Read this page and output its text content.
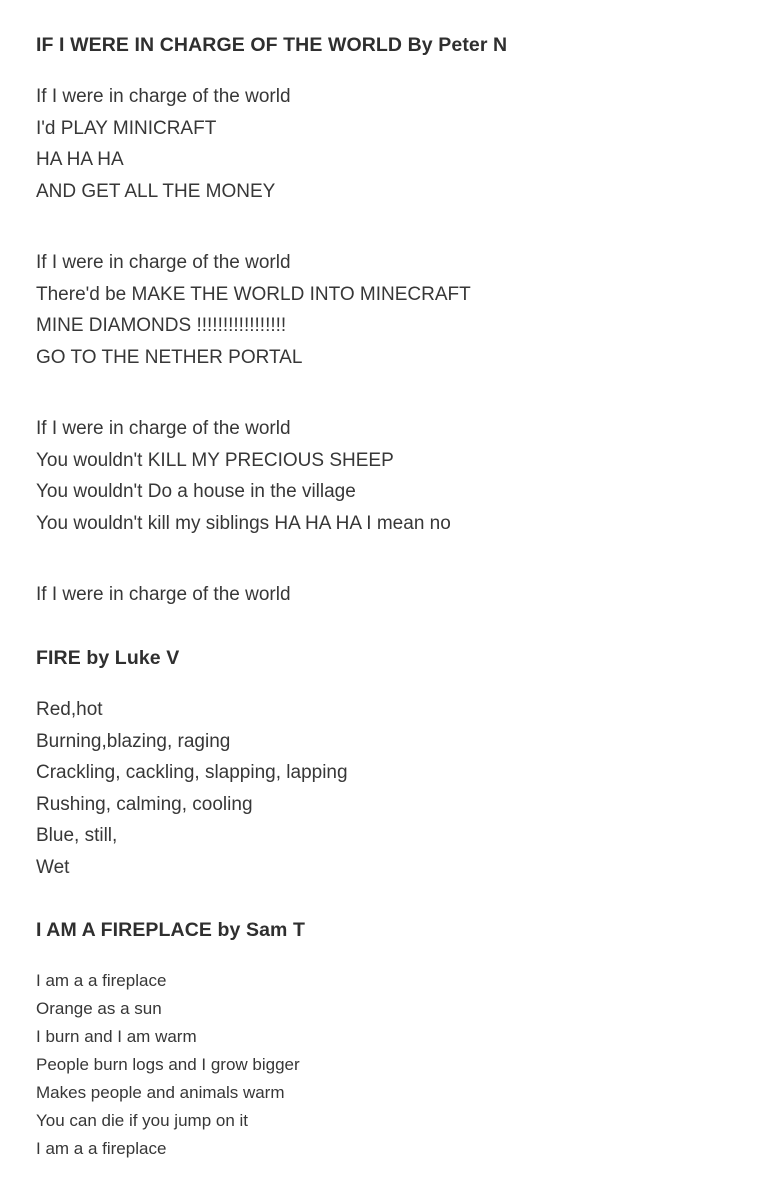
IF I WERE IN CHARGE OF THE WORLD By Peter N
If I were in charge of the world
I'd PLAY MINICRAFT
HA HA HA
AND GET ALL THE MONEY
If I were in charge of the world
There'd be MAKE THE WORLD INTO MINECRAFT
MINE DIAMONDS !!!!!!!!!!!!!!!!!
GO TO THE NETHER PORTAL
If I were in charge of the world
You wouldn't KILL MY PRECIOUS SHEEP
You wouldn't Do a house in the village
You wouldn't kill my siblings HA HA HA I mean no
If I were in charge of the world
FIRE by Luke V
Red,hot
Burning,blazing, raging
Crackling, cackling, slapping, lapping
Rushing, calming, cooling
Blue, still,
Wet
I AM A FIREPLACE by Sam T
I am a a fireplace
Orange as a sun
I burn and I am warm
People burn logs and I grow bigger
Makes people and animals warm
You can die if you jump on it
I am a a fireplace
